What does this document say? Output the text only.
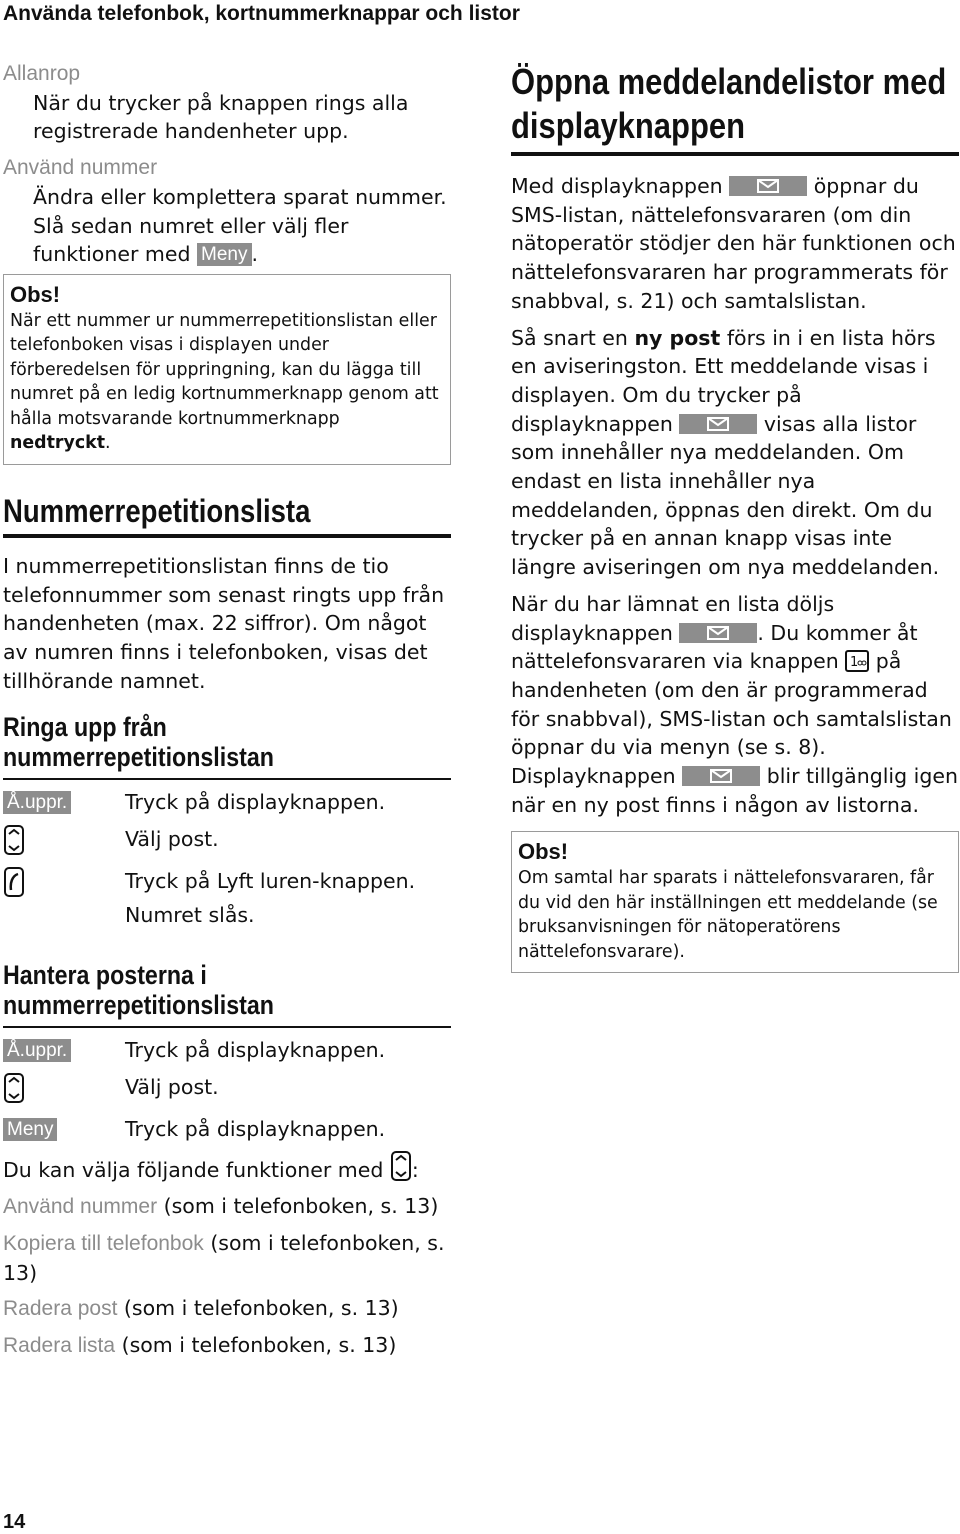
Använda telefonbok, kortnummerknappar och listor

Allanrop

När du trycker på knappen rings alla registrerade handenheter upp.

Använd nummer

Ändra eller komplettera sparat nummer. Slå sedan numret eller välj fler funktioner med Meny .

Obs!
När ett nummer ur nummerrepetitionslistan eller telefonboken visas i displayen under förberedelsen för uppringning, kan du lägga till numret på en ledig kortnummerknapp genom att hålla motsvarande kortnummerknapp nedtryckt.
Nummerrepetitionslista

I nummerrepetitionslistan finns de tio telefonnummer som senast ringts upp från handenheten (max. 22 siffror). Om något av numren finns i telefonboken, visas det tillhörande namnet.

Ringa upp från
nummerrepetitionslistan
Å.uppr.	Tryck på displayknappen.
Välj post.
Tryck på Lyft luren-knappen.
Numret slås.
Hantera posterna i
nummerrepetitionslistan
Å.uppr.	Tryck på displayknappen.
Välj post.
Meny	Tryck på displayknappen.

Du kan välja följande funktioner med :

Använd nummer (som i telefonboken, s. 13)

Kopiera till telefonbok (som i telefonboken, s. 13)

Radera post (som i telefonboken, s. 13)

Radera lista (som i telefonboken, s. 13)

Öppna meddelandelistor med
displayknappen

Med displayknappen	öppnar du SMS-listan, nättelefonsvararen (om din nätoperatör stödjer den här funktionen och nättelefonsvararen har programmerats för snabbval, s. 21) och samtalslistan.

Så snart en ny post förs in i en lista hörs en aviseringston. Ett meddelande visas i displayen. Om du trycker på displayknappen	visas alla listor som innehåller nya meddelanden. Om endast en lista innehåller nya meddelanden, öppnas den direkt. Om du trycker på en annan knapp visas inte längre aviseringen om nya meddelanden.

När du har lämnat en lista döljs displayknappen	. Du kommer åt nättelefonsvararen via knappen 1 på handenheten (om den är programmerad för snabbval), SMS-listan och samtalslistan öppnar du via menyn (se s. 8). Displayknappen	blir tillgänglig igen när en ny post finns i någon av listorna.

Obs!
Om samtal har sparats i nättelefonsvararen, får du vid den här inställningen ett meddelande (se bruksanvisningen för nätoperatörens nättelefonsvarare).
14
